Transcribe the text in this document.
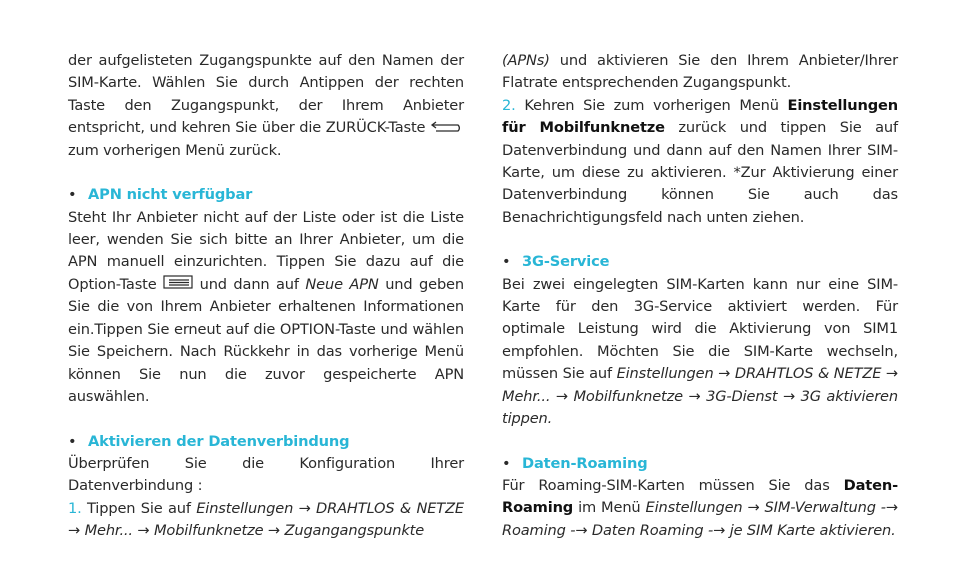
der aufgelisteten Zugangspunkte auf den Namen der SIM-Karte. Wählen Sie durch Antippen der rechten Taste den Zugangspunkt, der Ihrem Anbieter entspricht, und kehren Sie über die ZURÜCK-Taste  zum vorherigen Menü zurück.

• APN nicht verfügbar

Steht Ihr Anbieter nicht auf der Liste oder ist die Liste leer, wenden Sie sich bitte an Ihrer Anbieter, um die APN manuell einzurichten. Tippen Sie dazu auf die Option-Taste  und dann auf Neue APN und geben Sie die von Ihrem Anbieter erhaltenen Informationen ein.Tippen Sie erneut auf die OPTION-Taste und wählen Sie Speichern. Nach Rückkehr in das vorherige Menü können Sie nun die zuvor gespeicherte APN auswählen.

• Aktivieren der Datenverbindung

Überprüfen Sie die Konfiguration Ihrer Datenverbindung :

1. Tippen Sie auf Einstellungen → DRAHTLOS & NETZE → Mehr... → Mobilfunknetze → Zugangangspunkte

(APNs) und aktivieren Sie den Ihrem Anbieter/Ihrer Flatrate entsprechenden Zugangspunkt.

2. Kehren Sie zum vorherigen Menü Einstellungen für Mobilfunknetze zurück und tippen Sie auf Datenverbindung und dann auf den Namen Ihrer SIM-Karte, um diese zu aktivieren. *Zur Aktivierung einer Datenverbindung können Sie auch das Benachrichtigungsfeld nach unten ziehen.

• 3G-Service

Bei zwei eingelegten SIM-Karten kann nur eine SIM-Karte für den 3G-Service aktiviert werden. Für optimale Leistung wird die Aktivierung von SIM1 empfohlen. Möchten Sie die SIM-Karte wechseln, müssen Sie auf Einstellungen → DRAHTLOS & NETZE → Mehr... → Mobilfunknetze → 3G-Dienst → 3G aktivieren tippen.

• Daten-Roaming

Für Roaming-SIM-Karten müssen Sie das Daten-Roaming im Menü Einstellungen → SIM-Verwaltung -→ Roaming -→ Daten Roaming -→ je SIM Karte aktivieren.
